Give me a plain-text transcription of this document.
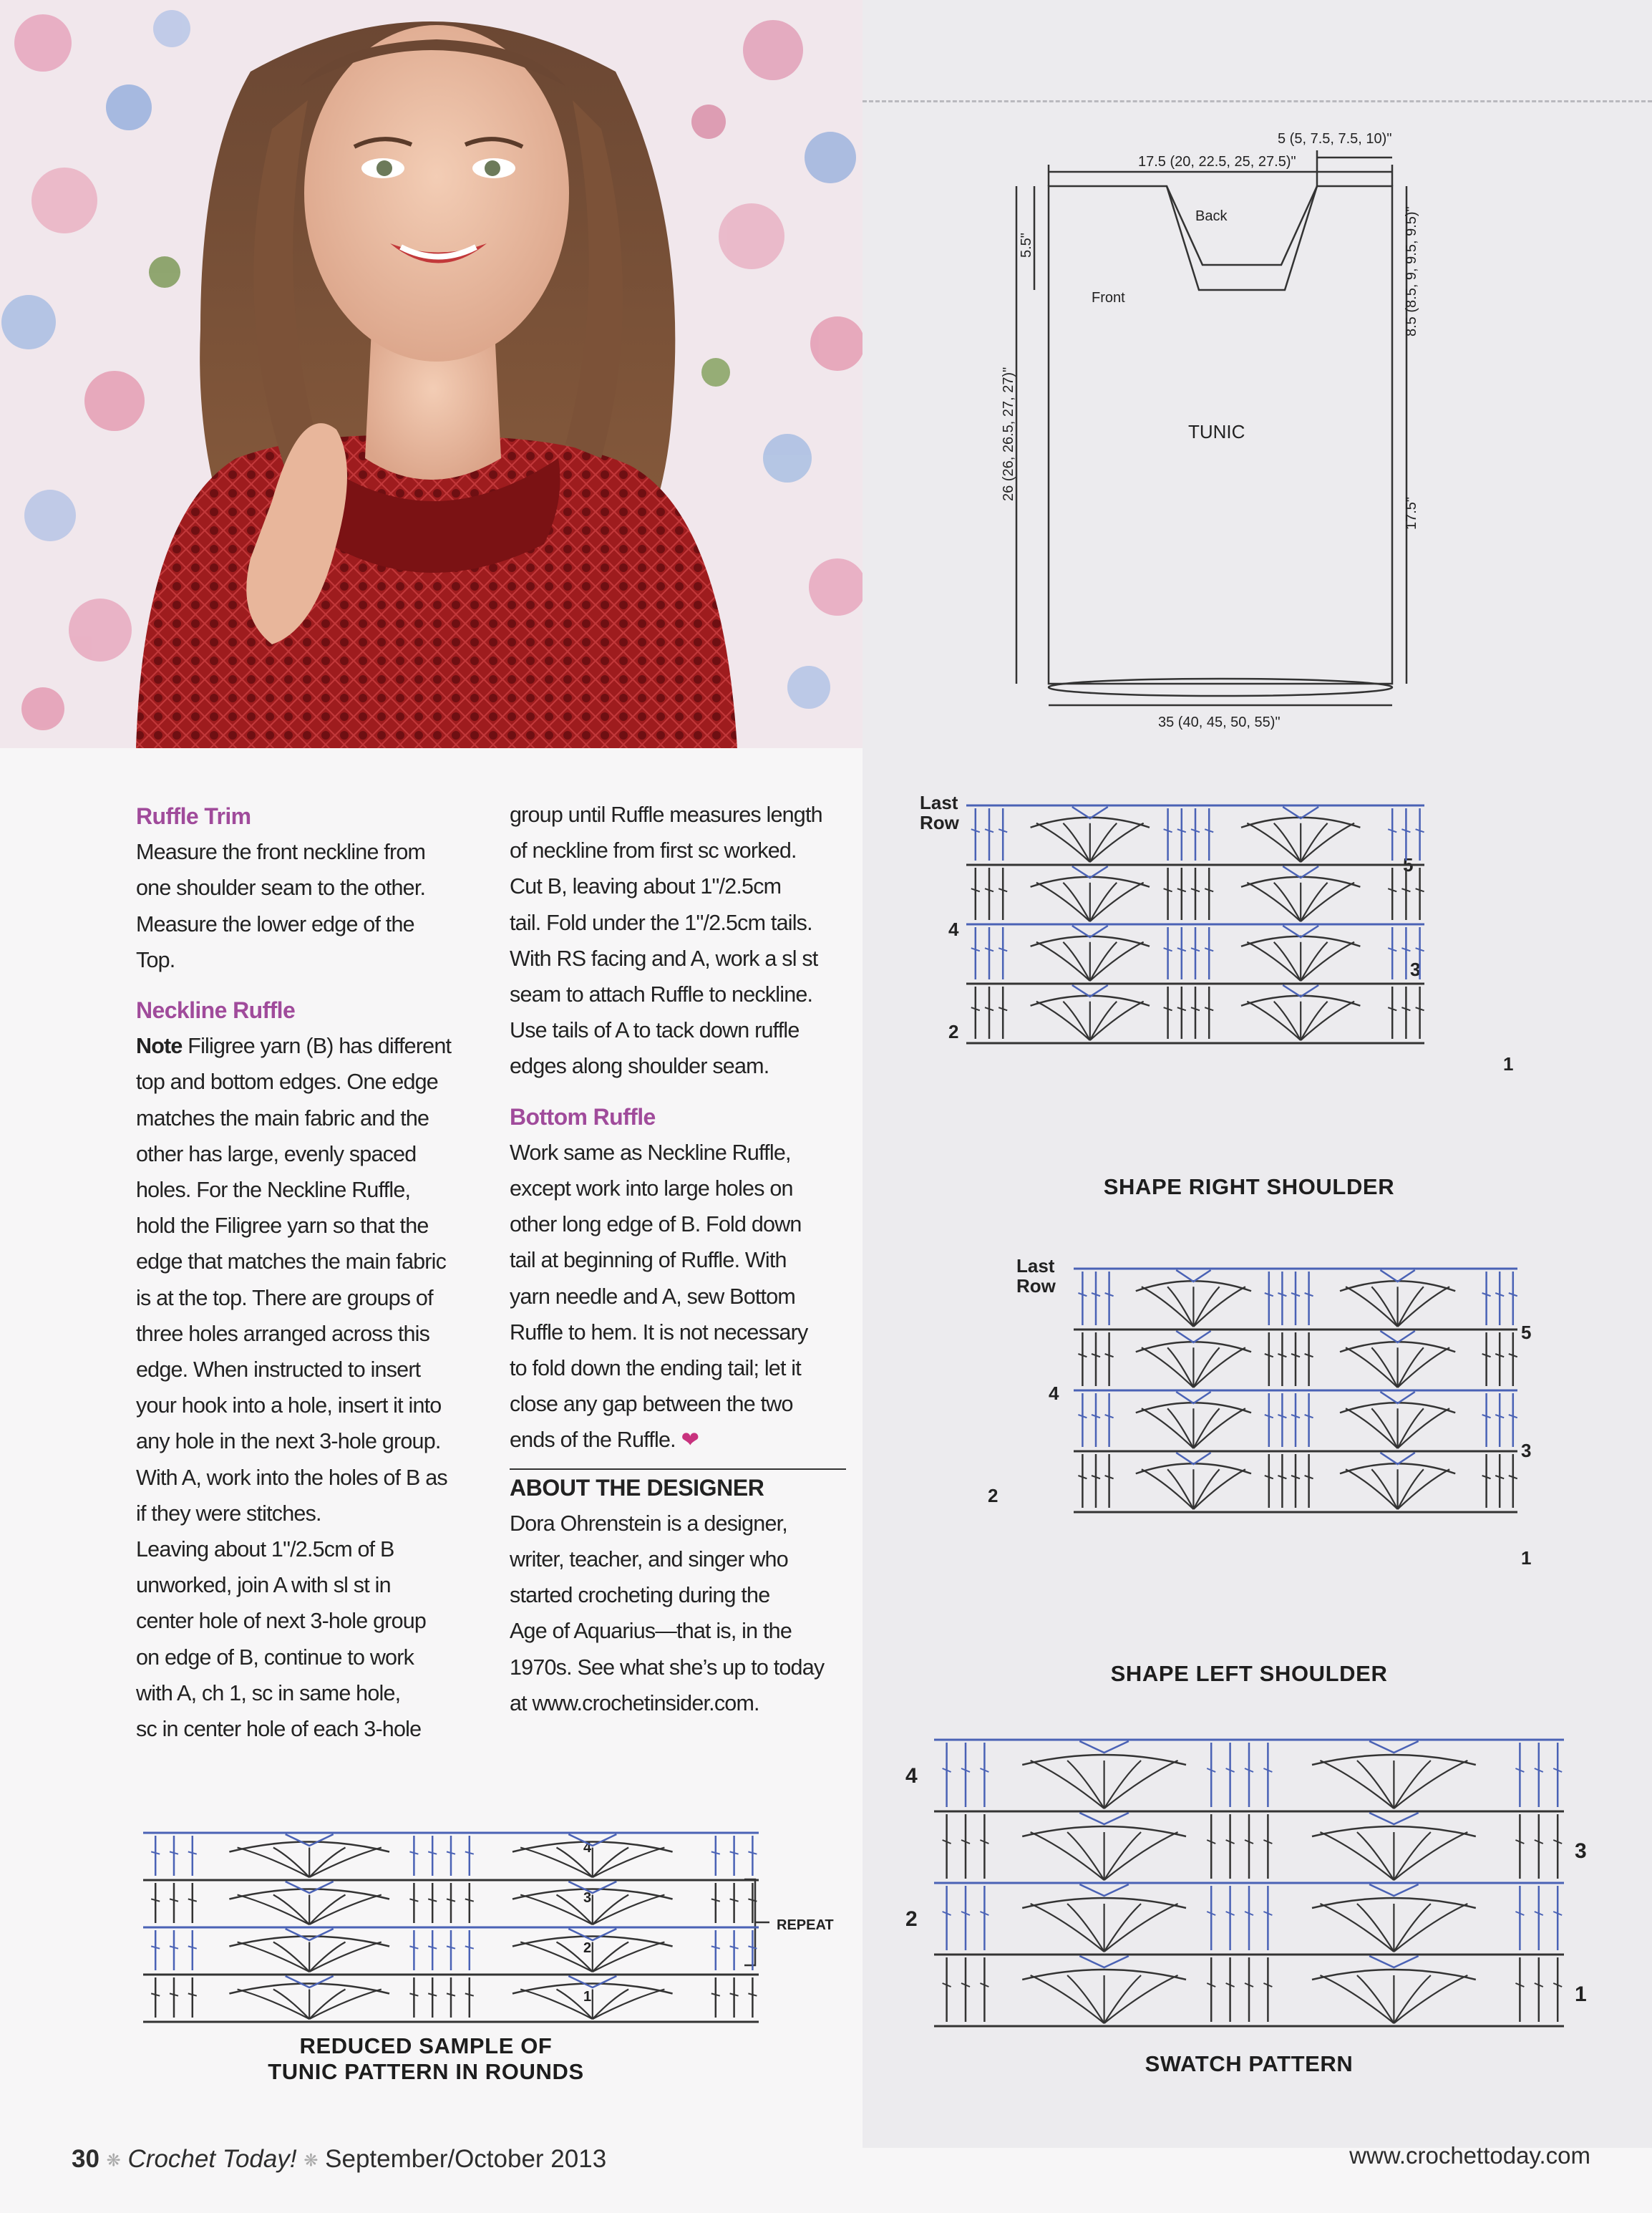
Ruffle Trim

Measure the front neckline from

one shoulder seam to the other.

Measure the lower edge of the

Top.

Neckline Ruffle

Note Filigree yarn (B) has different

top and bottom edges. One edge

matches the main fabric and the

other has large, evenly spaced

holes. For the Neckline Ruffle,

hold the Filigree yarn so that the

edge that matches the main fabric

is at the top. There are groups of

three holes arranged across this

edge. When instructed to insert

your hook into a hole, insert it into

any hole in the next 3-hole group.

With A, work into the holes of B as

if they were stitches.

Leaving about 1"/2.5cm of B

unworked, join A with sl st in

center hole of next 3-hole group

on edge of B, continue to work

with A, ch 1, sc in same hole,

sc in center hole of each 3-hole

group until Ruffle measures length

of neckline from first sc worked.

Cut B, leaving about 1"/2.5cm

tail. Fold under the 1"/2.5cm tails.

With RS facing and A, work a sl st

seam to attach Ruffle to neckline.

Use tails of A to tack down ruffle

edges along shoulder seam.

Bottom Ruffle

Work same as Neckline Ruffle,

except work into large holes on

other long edge of B. Fold down

tail at beginning of Ruffle. With

yarn needle and A, sew Bottom

Ruffle to hem. It is not necessary

to fold down the ending tail; let it

close any gap between the two

ends of the Ruffle. ❤

ABOUT THE DESIGNER

Dora Ohrenstein is a designer,

writer, teacher, and singer who

started crocheting during the

Age of Aquarius—that is, in the

1970s. See what she’s up to today

at www.crochetinsider.com.

5 (5, 7.5, 7.5, 10)"
17.5 (20, 22.5, 25, 27.5)"
Back
Front
TUNIC
35 (40, 45, 50, 55)"
5.5"
26 (26, 26.5, 27, 27)"
8.5 (8.5, 9, 9.5, 9.5)"
17.5"
Last
Row
5
4
3
2
1
SHAPE RIGHT SHOULDER
Last
Row
5
4
3
2
1
SHAPE LEFT SHOULDER
4
3
2
1
SWATCH PATTERN
4
3
2
1
REPEAT
REDUCED SAMPLE OF
TUNIC PATTERN IN ROUNDS
30 ❋ Crochet Today! ❋ September/October 2013	www.crochettoday.com
